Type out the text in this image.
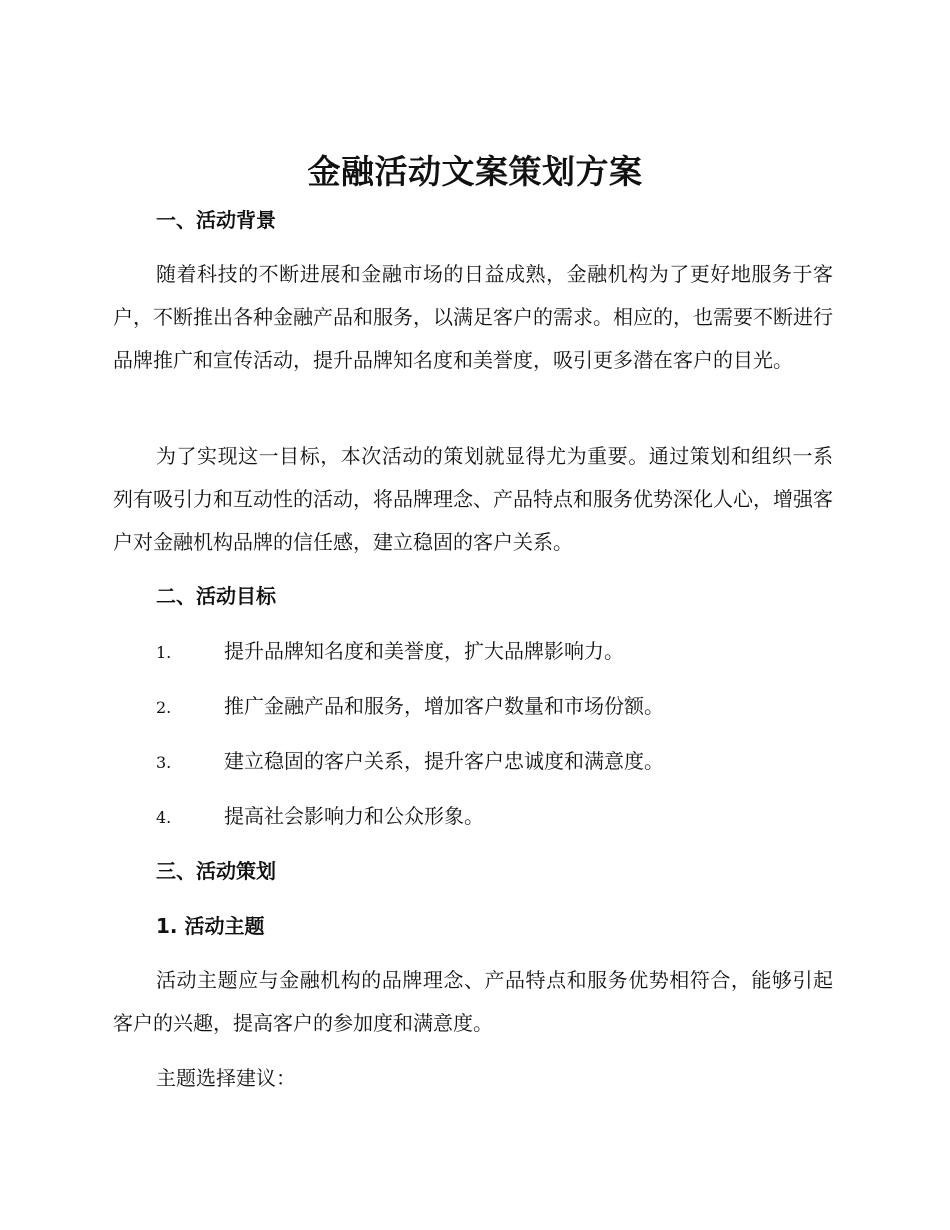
金融活动文案策划方案
一、活动背景
随着科技的不断进展和金融市场的日益成熟，金融机构为了更好地服务于客户，不断推出各种金融产品和服务，以满足客户的需求。相应的，也需要不断进行品牌推广和宣传活动，提升品牌知名度和美誉度，吸引更多潜在客户的目光。
为了实现这一目标，本次活动的策划就显得尤为重要。通过策划和组织一系列有吸引力和互动性的活动，将品牌理念、产品特点和服务优势深化人心，增强客户对金融机构品牌的信任感，建立稳固的客户关系。
二、活动目标
1.	提升品牌知名度和美誉度，扩大品牌影响力。
2.	推广金融产品和服务，增加客户数量和市场份额。
3.	建立稳固的客户关系，提升客户忠诚度和满意度。
4.	提高社会影响力和公众形象。
三、活动策划
1. 活动主题
活动主题应与金融机构的品牌理念、产品特点和服务优势相符合，能够引起客户的兴趣，提高客户的参加度和满意度。
主题选择建议：
